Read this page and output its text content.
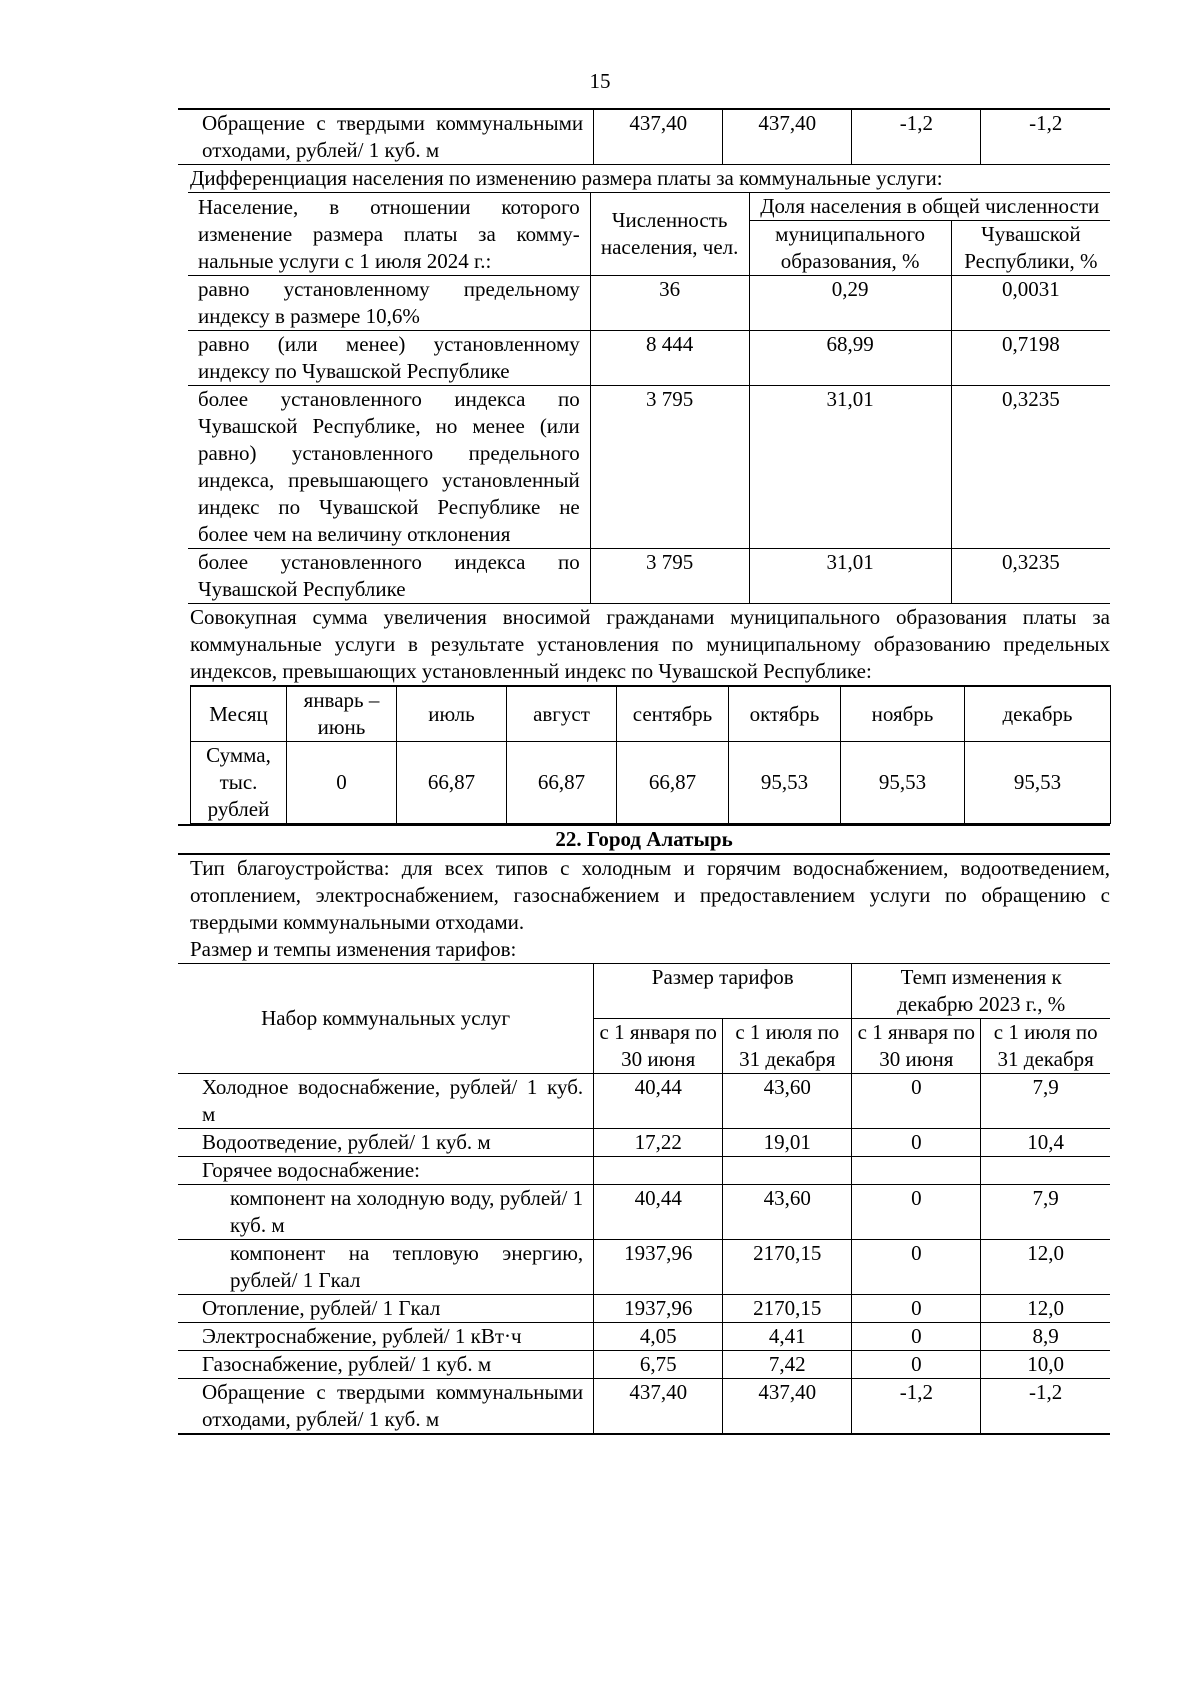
15
Обращение с твердыми коммунальными отходами, рублей/ 1 куб. м	437,40	437,40	-1,2	-1,2

Дифференциация населения по изменению размера платы за коммунальные услуги:

Население, в отношении которого изменение размера платы за коммунальные услуги с 1 июля 2024 г.:	Численность населения, чел.	Доля населения в общей численности	
		муниципального образования, %	Чувашской Республики, %
равно установленному предельному индексу в размере 10,6%	36	0,29	0,0031
равно (или менее) установленному индексу по Чувашской Республике	8 444	68,99	0,7198
более установленного индекса по Чувашской Республике, но менее (или равно) установленного предельного индекса, превышающего установленный индекс по Чувашской Республике не более чем на величину отклонения	3 795	31,01	0,3235
более установленного индекса по Чувашской Республике	3 795	31,01	0,3235

Совокупная сумма увеличения вносимой гражданами муниципального образования платы за коммунальные услуги в результате установления по муниципальному образованию предельных индексов, превышающих установленный индекс по Чувашской Республике:

Месяц	январь – июнь	июль	август	сентябрь	октябрь	ноябрь	декабрь
Сумма, тыс. рублей	0	66,87	66,87	66,87	95,53	95,53	95,53
22. Город Алатырь

Тип благоустройства: для всех типов с холодным и горячим водоснабжением, водоотведением, отоплением, электроснабжением, газоснабжением и предоставлением услуги по обращению с твердыми коммунальными отходами.

Размер и темпы изменения тарифов:

Набор коммунальных услуг	Размер тарифов		Темп изменения к декабрю 2023 г., %	
	с 1 января по 30 июня	с 1 июля по 31 декабря	с 1 января по 30 июня	с 1 июля по 31 декабря
Холодное водоснабжение, рублей/ 1 куб. м	40,44	43,60	0	7,9
Водоотведение, рублей/ 1 куб. м	17,22	19,01	0	10,4
Горячее водоснабжение:				
компонент на холодную воду, рублей/ 1 куб. м	40,44	43,60	0	7,9
компонент на тепловую энергию, рублей/ 1 Гкал	1937,96	2170,15	0	12,0
Отопление, рублей/ 1 Гкал	1937,96	2170,15	0	12,0
Электроснабжение, рублей/ 1 кВт·ч	4,05	4,41	0	8,9
Газоснабжение, рублей/ 1 куб. м	6,75	7,42	0	10,0
Обращение с твердыми коммунальными отходами, рублей/ 1 куб. м	437,40	437,40	-1,2	-1,2
